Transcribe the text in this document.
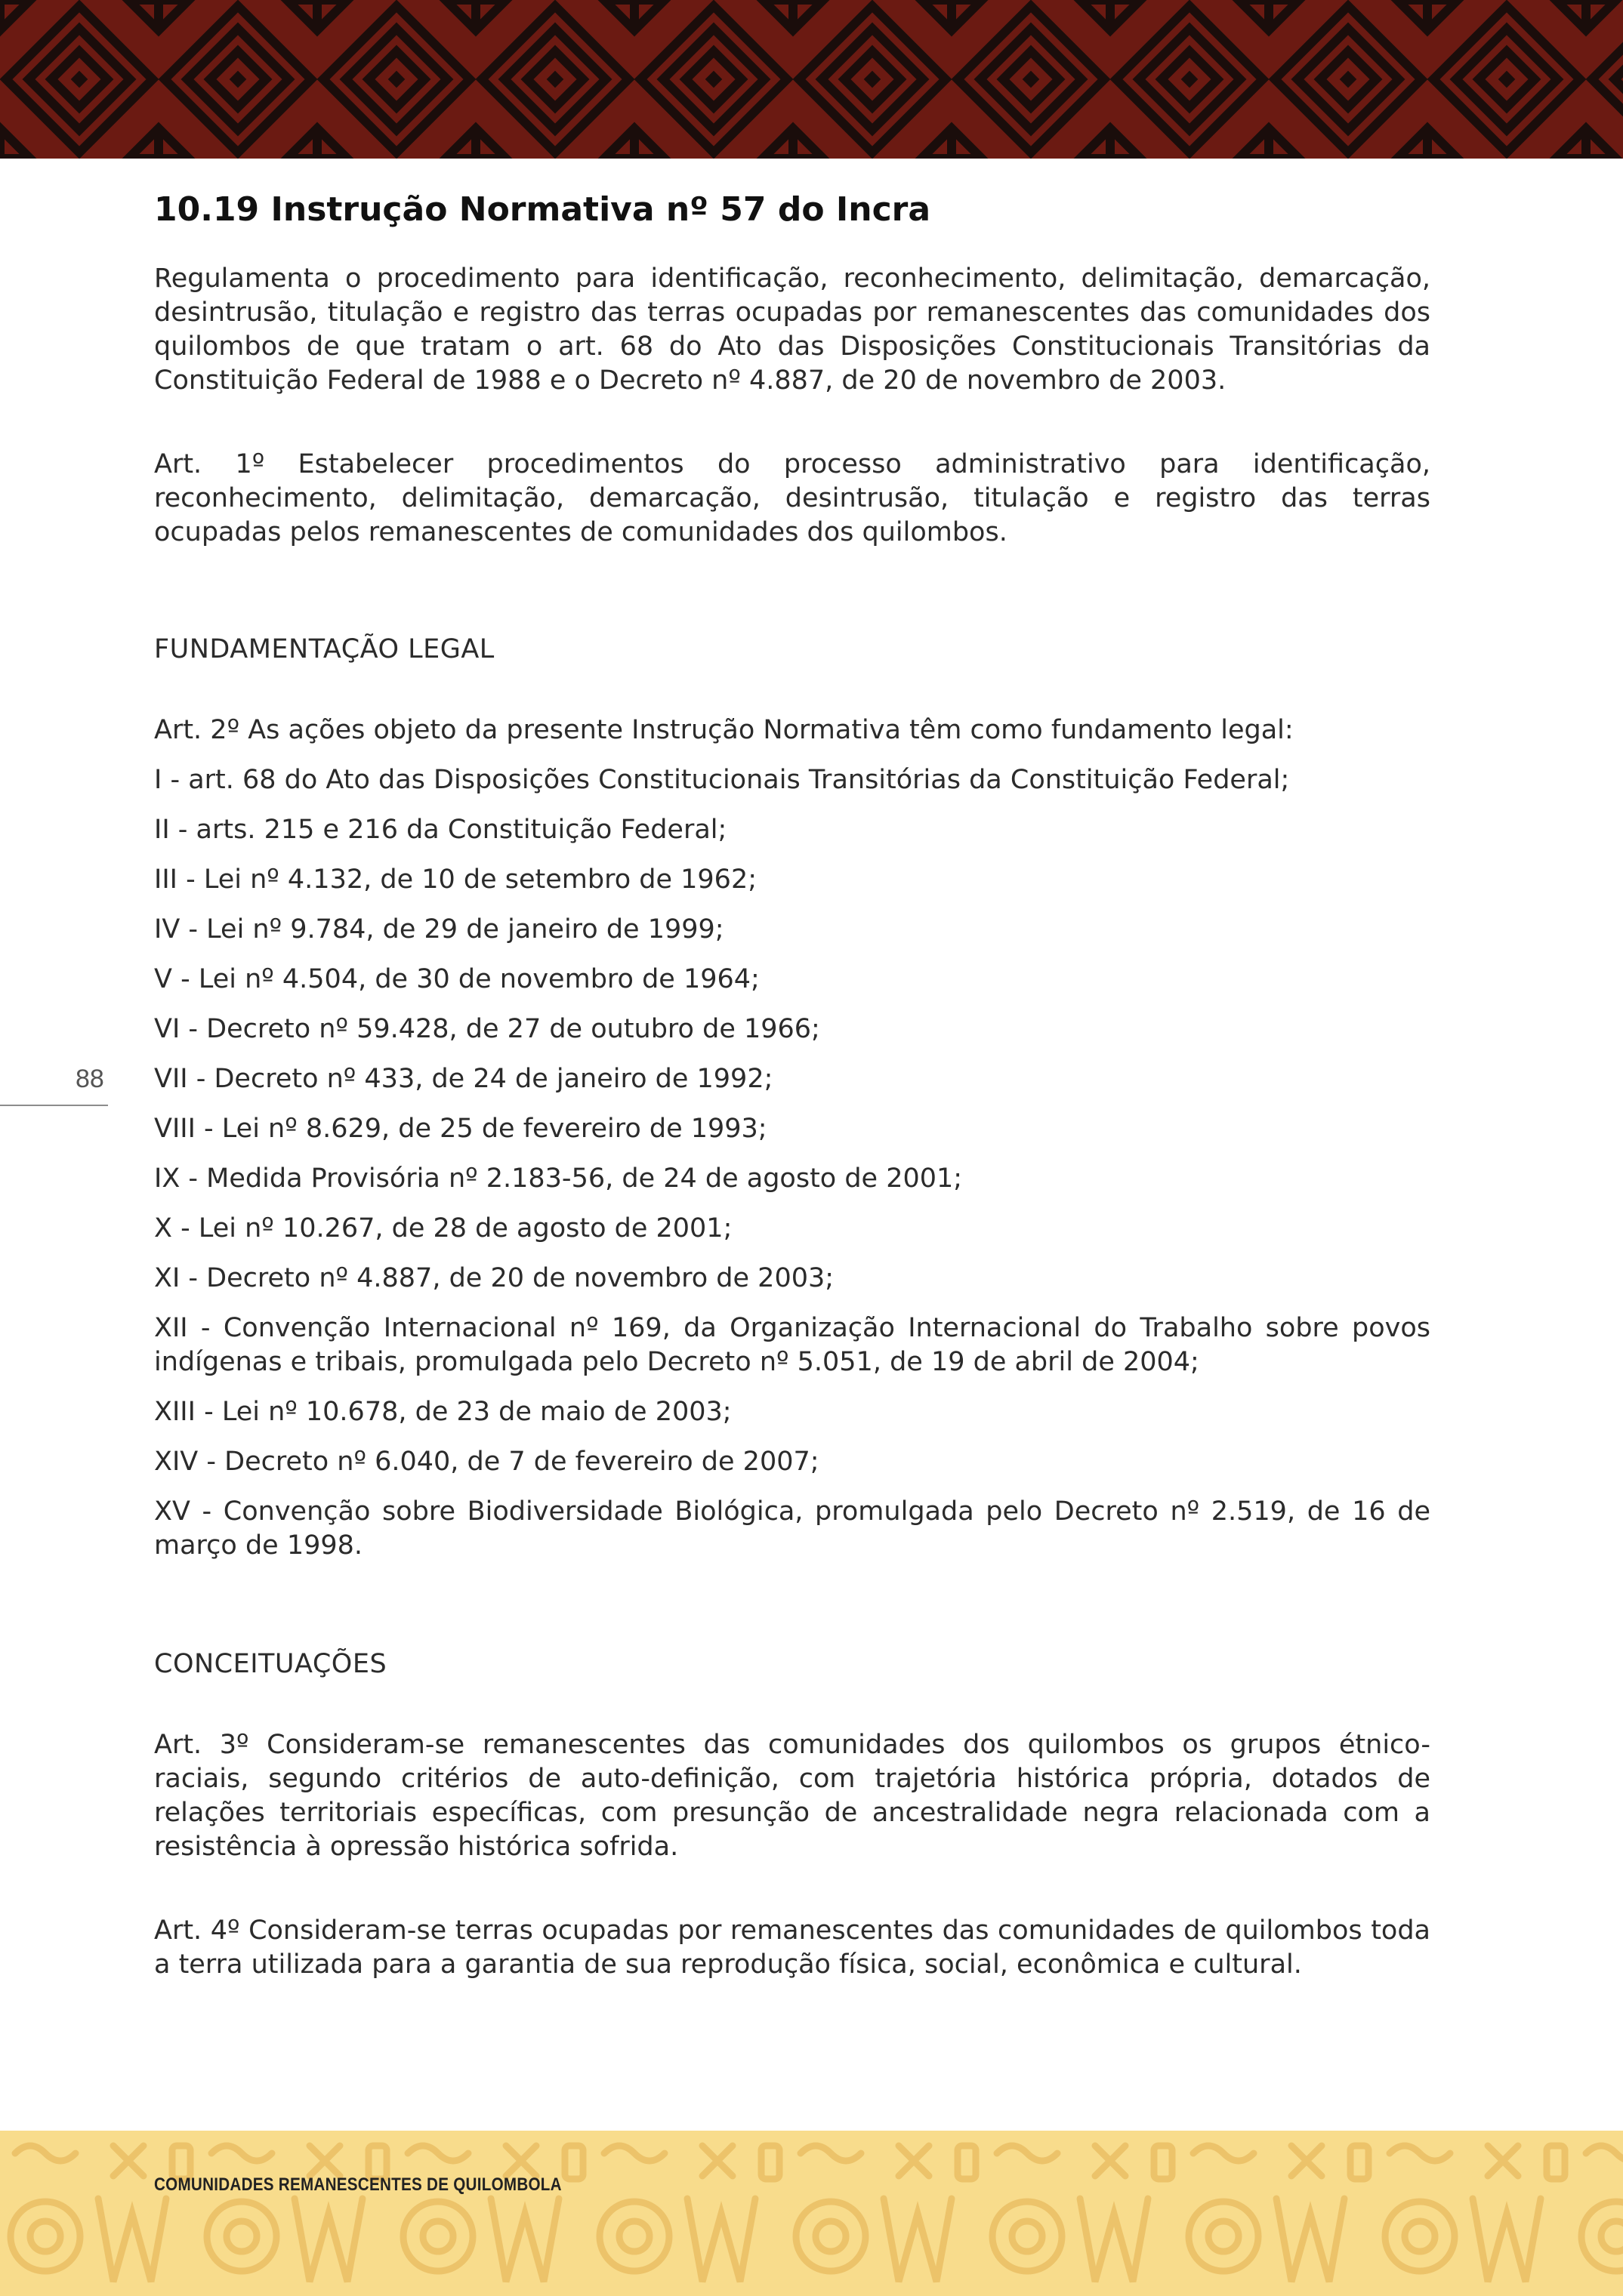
10.19 Instrução Normativa nº 57 do Incra

Regulamenta o procedimento para identificação, reconhecimento, delimitação, demarcação, desintrusão, titulação e registro das terras ocupadas por remanescentes das comunidades dos quilombos de que tratam o art. 68 do Ato das Disposições Constitucionais Transitórias da Constituição Federal de 1988 e o Decreto nº 4.887, de 20 de novembro de 2003.

Art. 1º Estabelecer procedimentos do processo administrativo para identificação, reconhecimento, delimitação, demarcação, desintrusão, titulação e registro das terras ocupadas pelos remanescentes de comunidades dos quilombos.

FUNDAMENTAÇÃO LEGAL

Art. 2º As ações objeto da presente Instrução Normativa têm como fundamento legal:

I - art. 68 do Ato das Disposições Constitucionais Transitórias da Constituição Federal;
II - arts. 215 e 216 da Constituição Federal;
III - Lei nº 4.132, de 10 de setembro de 1962;
IV - Lei nº 9.784, de 29 de janeiro de 1999;
V - Lei nº 4.504, de 30 de novembro de 1964;
VI - Decreto nº 59.428, de 27 de outubro de 1966;
VII - Decreto nº 433, de 24 de janeiro de 1992;
VIII - Lei nº 8.629, de 25 de fevereiro de 1993;
IX - Medida Provisória nº 2.183-56, de 24 de agosto de 2001;
X - Lei nº 10.267, de 28 de agosto de 2001;
XI - Decreto nº 4.887, de 20 de novembro de 2003;
XII - Convenção Internacional nº 169, da Organização Internacional do Trabalho sobre povos indígenas e tribais, promulgada pelo Decreto nº 5.051, de 19 de abril de 2004;
XIII - Lei nº 10.678, de 23 de maio de 2003;
XIV - Decreto nº 6.040, de 7 de fevereiro de 2007;
XV - Convenção sobre Biodiversidade Biológica, promulgada pelo Decreto nº 2.519, de 16 de março de 1998.
CONCEITUAÇÕES

Art. 3º Consideram-se remanescentes das comunidades dos quilombos os grupos étnico-raciais, segundo critérios de auto-definição, com trajetória histórica própria, dotados de relações territoriais específicas, com presunção de ancestralidade negra relacionada com a resistência à opressão histórica sofrida.

Art. 4º Consideram-se terras ocupadas por remanescentes das comunidades de quilombos toda a terra utilizada para a garantia de sua reprodução física, social, econômica e cultural.

88
COMUNIDADES REMANESCENTES DE QUILOMBOLA
